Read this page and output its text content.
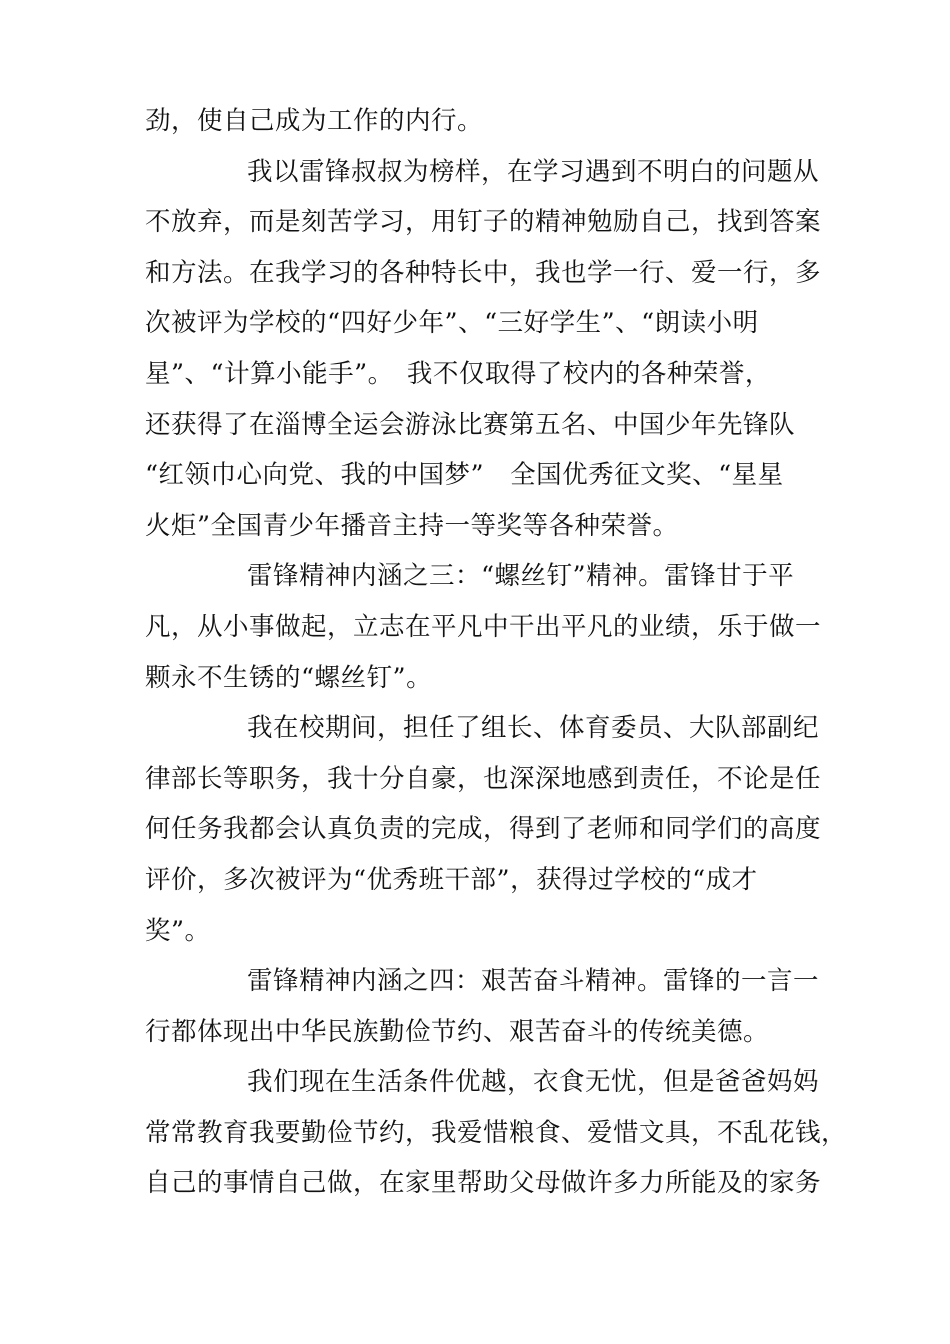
劲，使自己成为工作的内行。
我以雷锋叔叔为榜样，在学习遇到不明白的问题从
不放弃，而是刻苦学习，用钉子的精神勉励自己，找到答案
和方法。在我学习的各种特长中，我也学一行、爱一行，多
次被评为学校的“四好少年”、“三好学生”、“朗读小明
星”、“计算小能手”。　我不仅取得了校内的各种荣誉，
还获得了在淄博全运会游泳比赛第五名、中国少年先锋队
“红领巾心向党、我的中国梦”　全国优秀征文奖、“星星
火炬”全国青少年播音主持一等奖等各种荣誉。
雷锋精神内涵之三：“螺丝钉”精神。雷锋甘于平
凡，从小事做起，立志在平凡中干出平凡的业绩，乐于做一
颗永不生锈的“螺丝钉”。
我在校期间，担任了组长、体育委员、大队部副纪
律部长等职务，我十分自豪，也深深地感到责任，不论是任
何任务我都会认真负责的完成，得到了老师和同学们的高度
评价，多次被评为“优秀班干部”，获得过学校的“成才
奖”。
雷锋精神内涵之四：艰苦奋斗精神。雷锋的一言一
行都体现出中华民族勤俭节约、艰苦奋斗的传统美德。
我们现在生活条件优越，衣食无忧，但是爸爸妈妈
常常教育我要勤俭节约，我爱惜粮食、爱惜文具，不乱花钱，
自己的事情自己做，在家里帮助父母做许多力所能及的家务
